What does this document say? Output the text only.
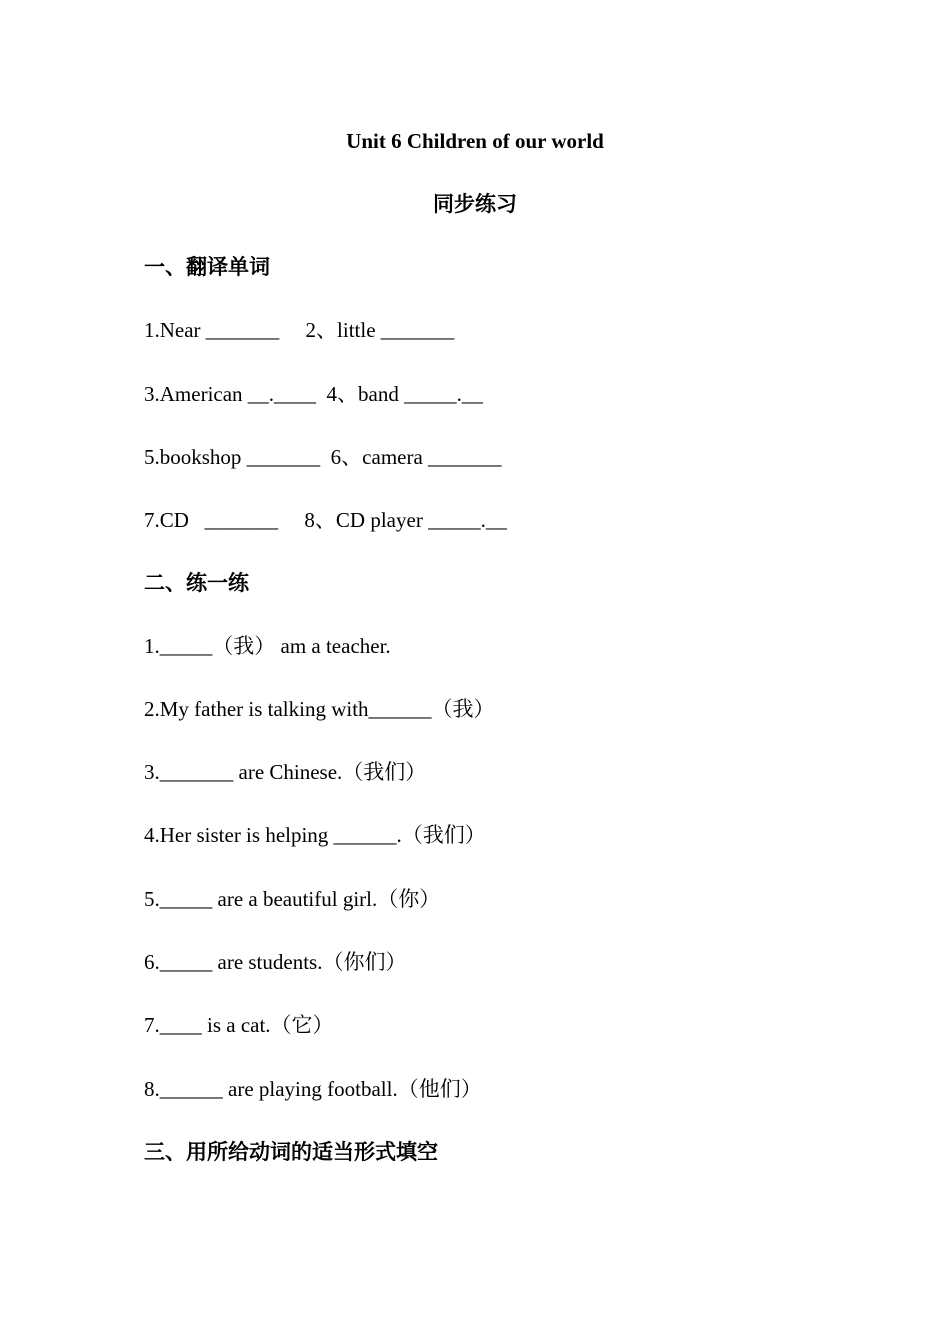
Unit 6 Children of our world
同步练习
一、翻译单词
1.Near _______     2、little _______
3.American __.____  4、band _____.__
5.bookshop _______  6、camera _______
7.CD   _______     8、CD player _____.__
二、练一练
1._____（我） am a teacher.
2.My father is talking with______（我）
3._______ are Chinese.（我们）
4.Her sister is helping ______.（我们）
5._____ are a beautiful girl.（你）
6._____ are students.（你们）
7.____ is a cat.（它）
8.______ are playing football.（他们）
三、用所给动词的适当形式填空
